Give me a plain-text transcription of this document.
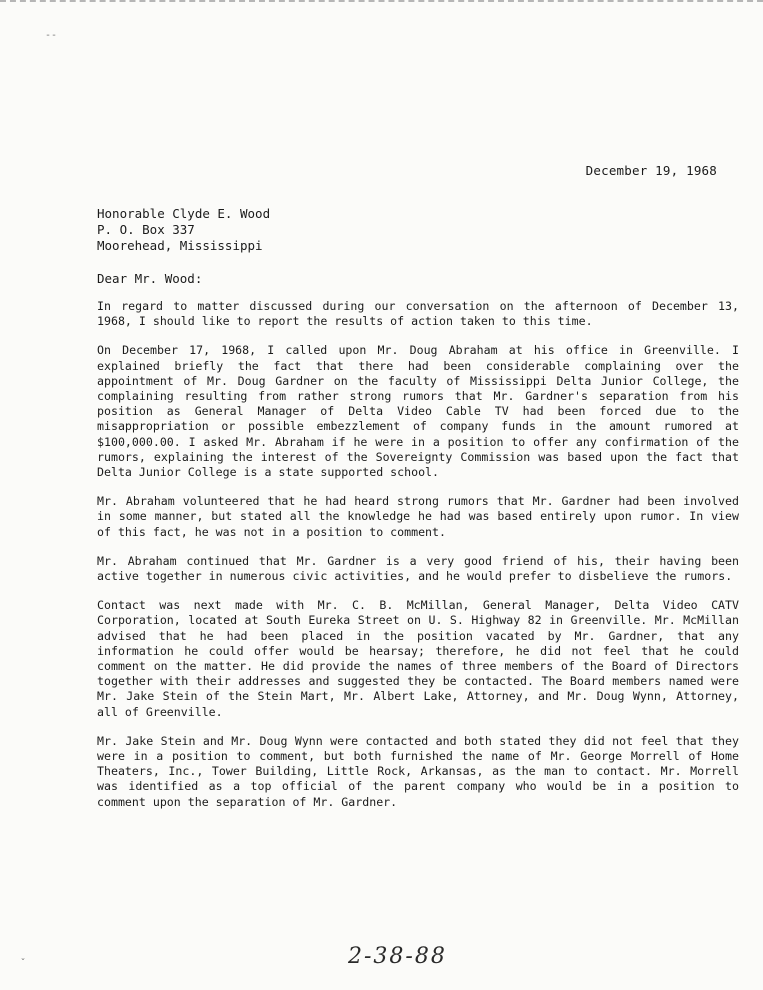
--
ˇ
December 19, 1968
Honorable Clyde E. Wood
P. O. Box 337
Moorehead, Mississippi
Dear Mr. Wood:

In regard to matter discussed during our conversation on the afternoon of December 13, 1968, I should like to report the results of action taken to this time.

On December 17, 1968, I called upon Mr. Doug Abraham at his office in Greenville. I explained briefly the fact that there had been considerable complaining over the appointment of Mr. Doug Gardner on the faculty of Mississippi Delta Junior College, the complaining resulting from rather strong rumors that Mr. Gardner's separation from his position as General Manager of Delta Video Cable TV had been forced due to the misappropriation or possible embezzlement of company funds in the amount rumored at $100,000.00. I asked Mr. Abraham if he were in a position to offer any confirmation of the rumors, explaining the interest of the Sovereignty Commission was based upon the fact that Delta Junior College is a state supported school.

Mr. Abraham volunteered that he had heard strong rumors that Mr. Gardner had been involved in some manner, but stated all the knowledge he had was based entirely upon rumor. In view of this fact, he was not in a position to comment.

Mr. Abraham continued that Mr. Gardner is a very good friend of his, their having been active together in numerous civic activities, and he would prefer to disbelieve the rumors.

Contact was next made with Mr. C. B. McMillan, General Manager, Delta Video CATV Corporation, located at South Eureka Street on U. S. Highway 82 in Greenville. Mr. McMillan advised that he had been placed in the position vacated by Mr. Gardner, that any information he could offer would be hearsay; therefore, he did not feel that he could comment on the matter. He did provide the names of three members of the Board of Directors together with their addresses and suggested they be contacted. The Board members named were Mr. Jake Stein of the Stein Mart, Mr. Albert Lake, Attorney, and Mr. Doug Wynn, Attorney, all of Greenville.

Mr. Jake Stein and Mr. Doug Wynn were contacted and both stated they did not feel that they were in a position to comment, but both furnished the name of Mr. George Morrell of Home Theaters, Inc., Tower Building, Little Rock, Arkansas, as the man to contact. Mr. Morrell was identified as a top official of the parent company who would be in a position to comment upon the separation of Mr. Gardner.

2-38-88
